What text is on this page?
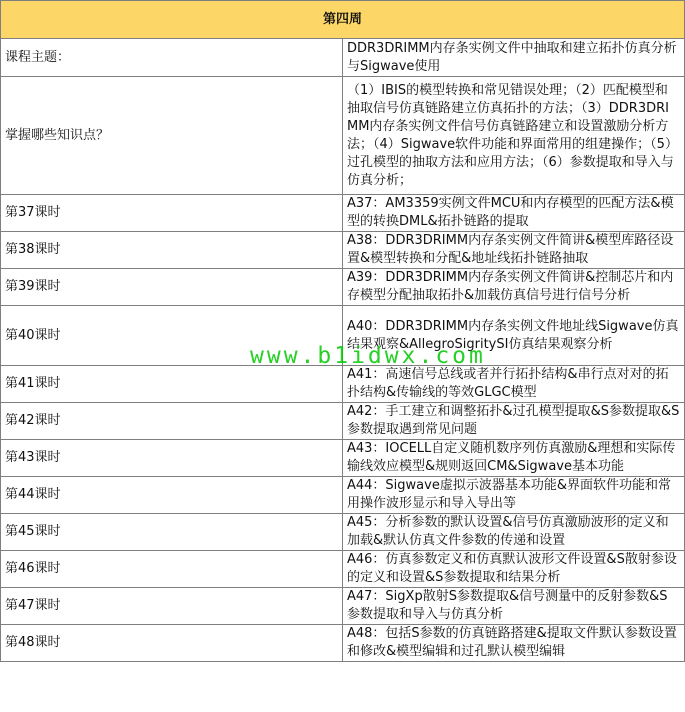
第四周	
课程主题：	DDR3DRIMM内存条实例文件中抽取和建立拓扑仿真分析与Sigwave使用
掌握哪些知识点？	（1）IBIS的模型转换和常见错误处理；（2）匹配模型和抽取信号仿真链路建立仿真拓扑的方法；（3）DDR3DRIMM内存条实例文件信号仿真链路建立和设置激励分析方法；（4）Sigwave软件功能和界面常用的组建操作；（5）过孔模型的抽取方法和应用方法；（6）参数提取和导入与仿真分析；
第37课时	A37：AM3359实例文件MCU和内存模型的匹配方法&模型的转换DML&拓扑链路的提取
第38课时	A38：DDR3DRIMM内存条实例文件简讲&模型库路径设置&模型转换和分配&地址线拓扑链路抽取
第39课时	A39：DDR3DRIMM内存条实例文件简讲&控制芯片和内存模型分配抽取拓扑&加载仿真信号进行信号分析
第40课时	A40：DDR3DRIMM内存条实例文件地址线Sigwave仿真结果观察&AllegroSigritySI仿真结果观察分析
第41课时	A41：高速信号总线或者并行拓扑结构&串行点对对的拓扑结构&传输线的等效GLGC模型
第42课时	A42：手工建立和调整拓扑&过孔模型提取&S参数提取&S参数提取遇到常见问题
第43课时	A43：IOCELL自定义随机数序列仿真激励&理想和实际传输线效应模型&规则返回CM&Sigwave基本功能
第44课时	A44：Sigwave虚拟示波器基本功能&界面软件功能和常用操作波形显示和导入导出等
第45课时	A45：分析参数的默认设置&信号仿真激励波形的定义和加载&默认仿真文件参数的传递和设置
第46课时	A46：仿真参数定义和仿真默认波形文件设置&S散射参设的定义和设置&S参数提取和结果分析
第47课时	A47：SigXp散射S参数提取&信号测量中的反射参数&S参数提取和导入与仿真分析
第48课时	A48：包括S参数的仿真链路搭建&提取文件默认参数设置和修改&模型编辑和过孔默认模型编辑
www.b1idwx.com
